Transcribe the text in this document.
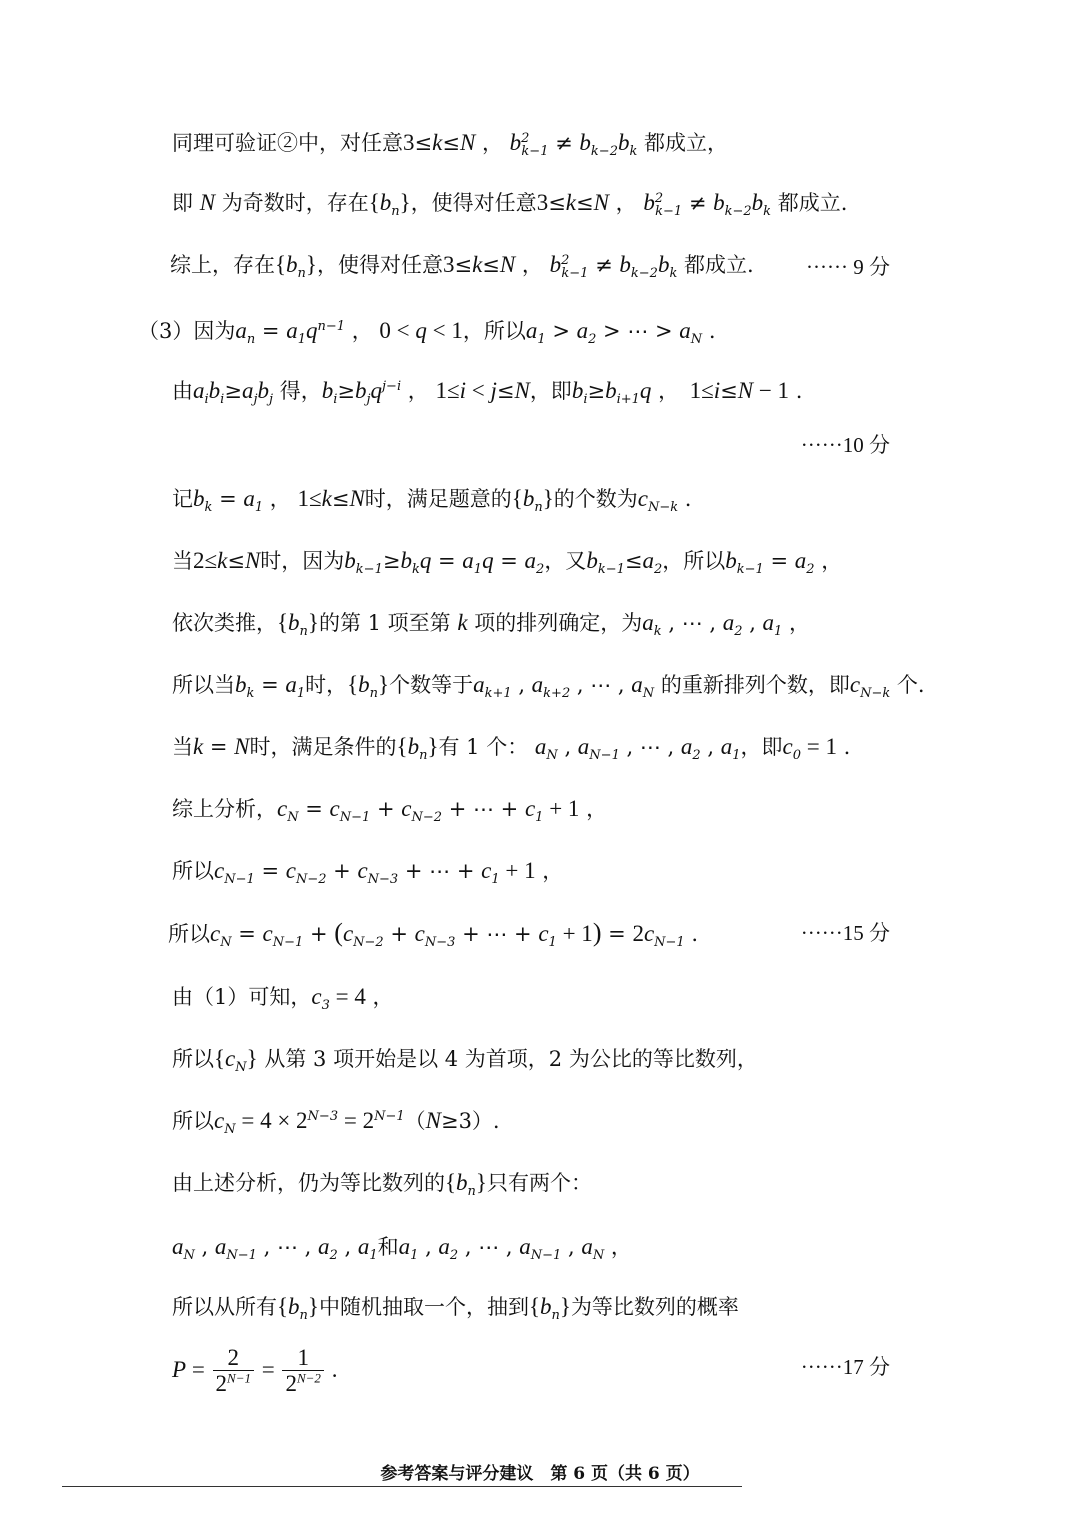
同理可验证②中，对任意3≤k≤N ， $b^2_{k-1} \ne b_{k-2}b_k$ 都成立，
即 N 为奇数时，存在$\{b_n\}$，使得对任意3≤k≤N ， $b^2_{k-1} \ne b_{k-2}b_k$ 都成立.
综上，存在$\{b_n\}$，使得对任意3≤k≤N ， $b^2_{k-1} \ne b_{k-2}b_k$ 都成立. ······ 9 分
（3）因为$a_n = a_1q^{n-1}$ ， 0 < q < 1，所以$a_1 > a_2$ > ⋯ > $a_N$ .
由$a_ib_i\ge a_jb_j$ 得，$b_i\ge b_jq^{j-i}$ ， 1≤i < j≤N，即$b_i\ge b_{i+1}q$ ，　1≤i≤N − 1 .
······10 分
记$b_k = a_1$ ， 1≤k≤N时，满足题意的$\{b_n\}$的个数为$c_{N-k}$ .
当2≤k≤N时，因为$b_{k-1}\ge b_kq = a_1q = a_2$，又$b_{k-1}\le a_2$，所以$b_{k-1} = a_2$ ，
依次类推，$\{b_n\}$的第 1 项至第 k 项的排列确定，为$a_k$ , ⋯ , $a_2$ , $a_1$ ，
所以当$b_k = a_1$时，$\{b_n\}$个数等于$a_{k+1}$ , $a_{k+2}$ , ⋯ , $a_N$ 的重新排列个数，即$c_{N-k}$ 个.
当k = N时，满足条件的$\{b_n\}$有 1 个： $a_N$ , $a_{N-1}$ , ⋯ , $a_2$ , $a_1$，即$c_0 = 1$ .
综上分析，$c_N = c_{N-1} + c_{N-2}$ + ⋯ + $c_1 + 1$ ，
所以$c_{N-1} = c_{N-2} + c_{N-3}$ + ⋯ + $c_1 + 1$ ，
所以$c_N = c_{N-1} + (c_{N-2} + c_{N-3}$ + ⋯ + $c_1 + 1) = 2c_{N-1}$ .	······15 分
由（1）可知，$c_3 = 4$ ，
所以$\{c_N\}$ 从第 3 项开始是以 4 为首项，2 为公比的等比数列，
所以$c_N = 4 \times 2^{N-3} = 2^{N-1}(N\ge 3)$.
由上述分析，仍为等比数列的$\{b_n\}$只有两个：
$a_N$ , $a_{N-1}$ , ⋯ , $a_2$ , $a_1$和$a_1$ , $a_2$ , ⋯ , $a_{N-1}$ , $a_N$ ，
所以从所有$\{b_n\}$中随机抽取一个，抽到$\{b_n\}$为等比数列的概率
$P = \frac{2}{2^{N-1}} = \frac{1}{2^{N-2}}$ .	······17 分
参考答案与评分建议　第 6 页（共 6 页）
